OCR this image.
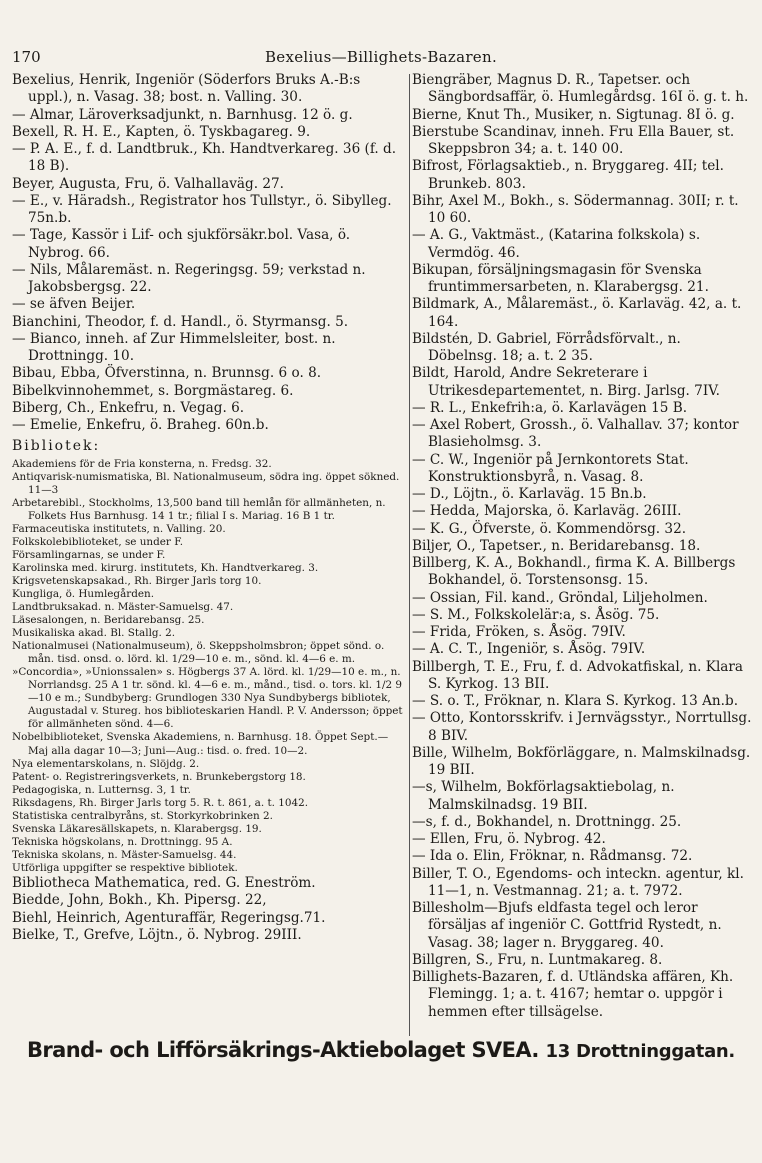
170	Bexelius—Billighets-Bazaren.

Bexelius, Henrik, Ingeniör (Söderfors Bruks A.-B:s uppl.), n. Vasag. 38; bost. n. Valling. 30.

— Almar, Läroverksadjunkt, n. Barnhusg. 12 ö. g.

Bexell, R. H. E., Kapten, ö. Tyskbagareg. 9.

— P. A. E., f. d. Landtbruk., Kh. Handtverkareg. 36 (f. d. 18 B).

Beyer, Augusta, Fru, ö. Valhallaväg. 27.

— E., v. Häradsh., Registrator hos Tullstyr., ö. Sibylleg. 75n.b.

— Tage, Kassör i Lif- och sjukförsäkr.bol. Vasa, ö. Nybrog. 66.

— Nils, Målaremäst. n. Regeringsg. 59; verkstad n. Jakobsbergsg. 22.

— se äfven Beijer.

Bianchini, Theodor, f. d. Handl., ö. Styrmansg. 5.

— Bianco, inneh. af Zur Himmelsleiter, bost. n. Drottningg. 10.

Bibau, Ebba, Öfverstinna, n. Brunnsg. 6 o. 8.

Bibelkvinnohemmet, s. Borgmästareg. 6.

Biberg, Ch., Enkefru, n. Vegag. 6.

— Emelie, Enkefru, ö. Braheg. 60n.b.

Bibliotek:

Akademiens för de Fria konsterna, n. Fredsg. 32.

Antiqvarisk-numismatiska, Bl. Nationalmuseum, södra ing. öppet sökned. 11—3

Arbetarebibl., Stockholms, 13,500 band till hemlån för allmänheten, n. Folkets Hus Barnhusg. 14 1 tr.; filial I s. Mariag. 16 B 1 tr.

Farmaceutiska institutets, n. Valling. 20.

Folkskolebiblioteket, se under F.

Församlingarnas, se under F.

Karolinska med. kirurg. institutets, Kh. Handtverkareg. 3.

Krigsvetenskapsakad., Rh. Birger Jarls torg 10.

Kungliga, ö. Humlegården.

Landtbruksakad. n. Mäster-Samuelsg. 47.

Läsesalongen, n. Beridarebansg. 25.

Musikaliska akad. Bl. Stallg. 2.

Nationalmusei (Nationalmuseum), ö. Skeppsholmsbron; öppet sönd. o. mån. tisd. onsd. o. lörd. kl. 1/29—10 e. m., sönd. kl. 4—6 e. m.

»Concordia», »Unionssalen» s. Högbergs 37 A. lörd. kl. 1/29—10 e. m., n. Norrlandsg. 25 A 1 tr. sönd. kl. 4—6 e. m., månd., tisd. o. tors. kl. 1/2 9—10 e m.; Sundbyberg: Grundlogen 330 Nya Sundbybergs bibliotek, Augustadal v. Stureg. hos biblioteskarien Handl. P. V. Andersson; öppet för allmänheten sönd. 4—6.

Nobelbiblioteket, Svenska Akademiens, n. Barnhusg. 18. Öppet Sept.—Maj alla dagar 10—3; Juni—Aug.: tisd. o. fred. 10—2.

Nya elementarskolans, n. Slöjdg. 2.

Patent- o. Registreringsverkets, n. Brunkebergstorg 18.

Pedagogiska, n. Lutternsg. 3, 1 tr.

Riksdagens, Rh. Birger Jarls torg 5. R. t. 861, a. t. 1042.

Statistiska centralbyråns, st. Storkyrkobrinken 2.

Svenska Läkaresällskapets, n. Klarabergsg. 19.

Tekniska högskolans, n. Drottningg. 95 A.

Tekniska skolans, n. Mäster-Samuelsg. 44.

Utförliga uppgifter se respektive bibliotek.

Bibliotheca Mathematica, red. G. Eneström.

Biedde, John, Bokh., Kh. Pipersg. 22,

Biehl, Heinrich, Agenturaffär, Regeringsg.71.

Bielke, T., Grefve, Löjtn., ö. Nybrog. 29III.

Biengräber, Magnus D. R., Tapetser. och Sängbordsaffär, ö. Humlegårdsg. 16I ö. g. t. h.

Bierne, Knut Th., Musiker, n. Sigtunag. 8I ö. g.

Bierstube Scandinav, inneh. Fru Ella Bauer, st. Skeppsbron 34; a. t. 140 00.

Bifrost, Förlagsaktieb., n. Bryggareg. 4II; tel. Brunkeb. 803.

Bihr, Axel M., Bokh., s. Södermannag. 30II; r. t. 10 60.

— A. G., Vaktmäst., (Katarina folkskola) s. Vermdög. 46.

Bikupan, försäljningsmagasin för Svenska fruntimmersarbeten, n. Klarabergsg. 21.

Bildmark, A., Målaremäst., ö. Karlaväg. 42, a. t. 164.

Bildstén, D. Gabriel, Förrådsförvalt., n. Döbelnsg. 18; a. t. 2 35.

Bildt, Harold, Andre Sekreterare i Utrikesdepartementet, n. Birg. Jarlsg. 7IV.

— R. L., Enkefrih:a, ö. Karlavägen 15 B.

— Axel Robert, Grossh., ö. Valhallav. 37; kontor Blasieholmsg. 3.

— C. W., Ingeniör på Jernkontorets Stat. Konstruktionsbyrå, n. Vasag. 8.

— D., Löjtn., ö. Karlaväg. 15 Bn.b.

— Hedda, Majorska, ö. Karlaväg. 26III.

— K. G., Öfverste, ö. Kommendörsg. 32.

Biljer, O., Tapetser., n. Beridarebansg. 18.

Billberg, K. A., Bokhandl., firma K. A. Billbergs Bokhandel, ö. Torstensonsg. 15.

— Ossian, Fil. kand., Gröndal, Liljeholmen.

— S. M., Folkskolelär:a, s. Åsög. 75.

— Frida, Fröken, s. Åsög. 79IV.

— A. C. T., Ingeniör, s. Åsög. 79IV.

Billbergh, T. E., Fru, f. d. Advokatfiskal, n. Klara S. Kyrkog. 13 BII.

— S. o. T., Fröknar, n. Klara S. Kyrkog. 13 An.b.

— Otto, Kontorsskrifv. i Jernvägsstyr., Norrtullsg. 8 BIV.

Bille, Wilhelm, Bokförläggare, n. Malmskilnadsg. 19 BII.

—s, Wilhelm, Bokförlagsaktiebolag, n. Malmskilnadsg. 19 BII.

—s, f. d., Bokhandel, n. Drottningg. 25.

— Ellen, Fru, ö. Nybrog. 42.

— Ida o. Elin, Fröknar, n. Rådmansg. 72.

Biller, T. O., Egendoms- och inteckn. agentur, kl. 11—1, n. Vestmannag. 21; a. t. 7972.

Billesholm—Bjufs eldfasta tegel och leror försäljas af ingeniör C. Gottfrid Rystedt, n. Vasag. 38; lager n. Bryggareg. 40.

Billgren, S., Fru, n. Luntmakareg. 8.

Billighets-Bazaren, f. d. Utländska affären, Kh. Flemingg. 1; a. t. 4167; hemtar o. uppgör i hemmen efter tillsägelse.

Brand- och Lifförsäkrings-Aktiebolaget SVEA. 13 Drottninggatan.
